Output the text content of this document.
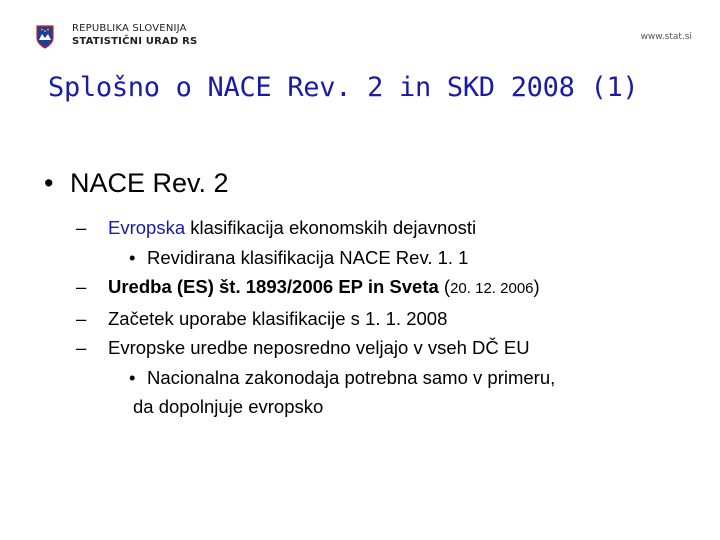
REPUBLIKA SLOVENIJA
STATISTIČNI URAD RS	www.stat.si
Splošno o NACE Rev. 2 in SKD 2008 (1)
• NACE Rev. 2
– Evropska klasifikacija ekonomskih dejavnosti
• Revidirana klasifikacija NACE Rev. 1. 1
– Uredba (ES) št. 1893/2006 EP in Sveta (20. 12. 2006)
– Začetek uporabe klasifikacije s 1. 1. 2008
– Evropske uredbe neposredno veljajo v vseh DČ EU
• Nacionalna zakonodaja potrebna samo v primeru,
da dopolnjuje evropsko
